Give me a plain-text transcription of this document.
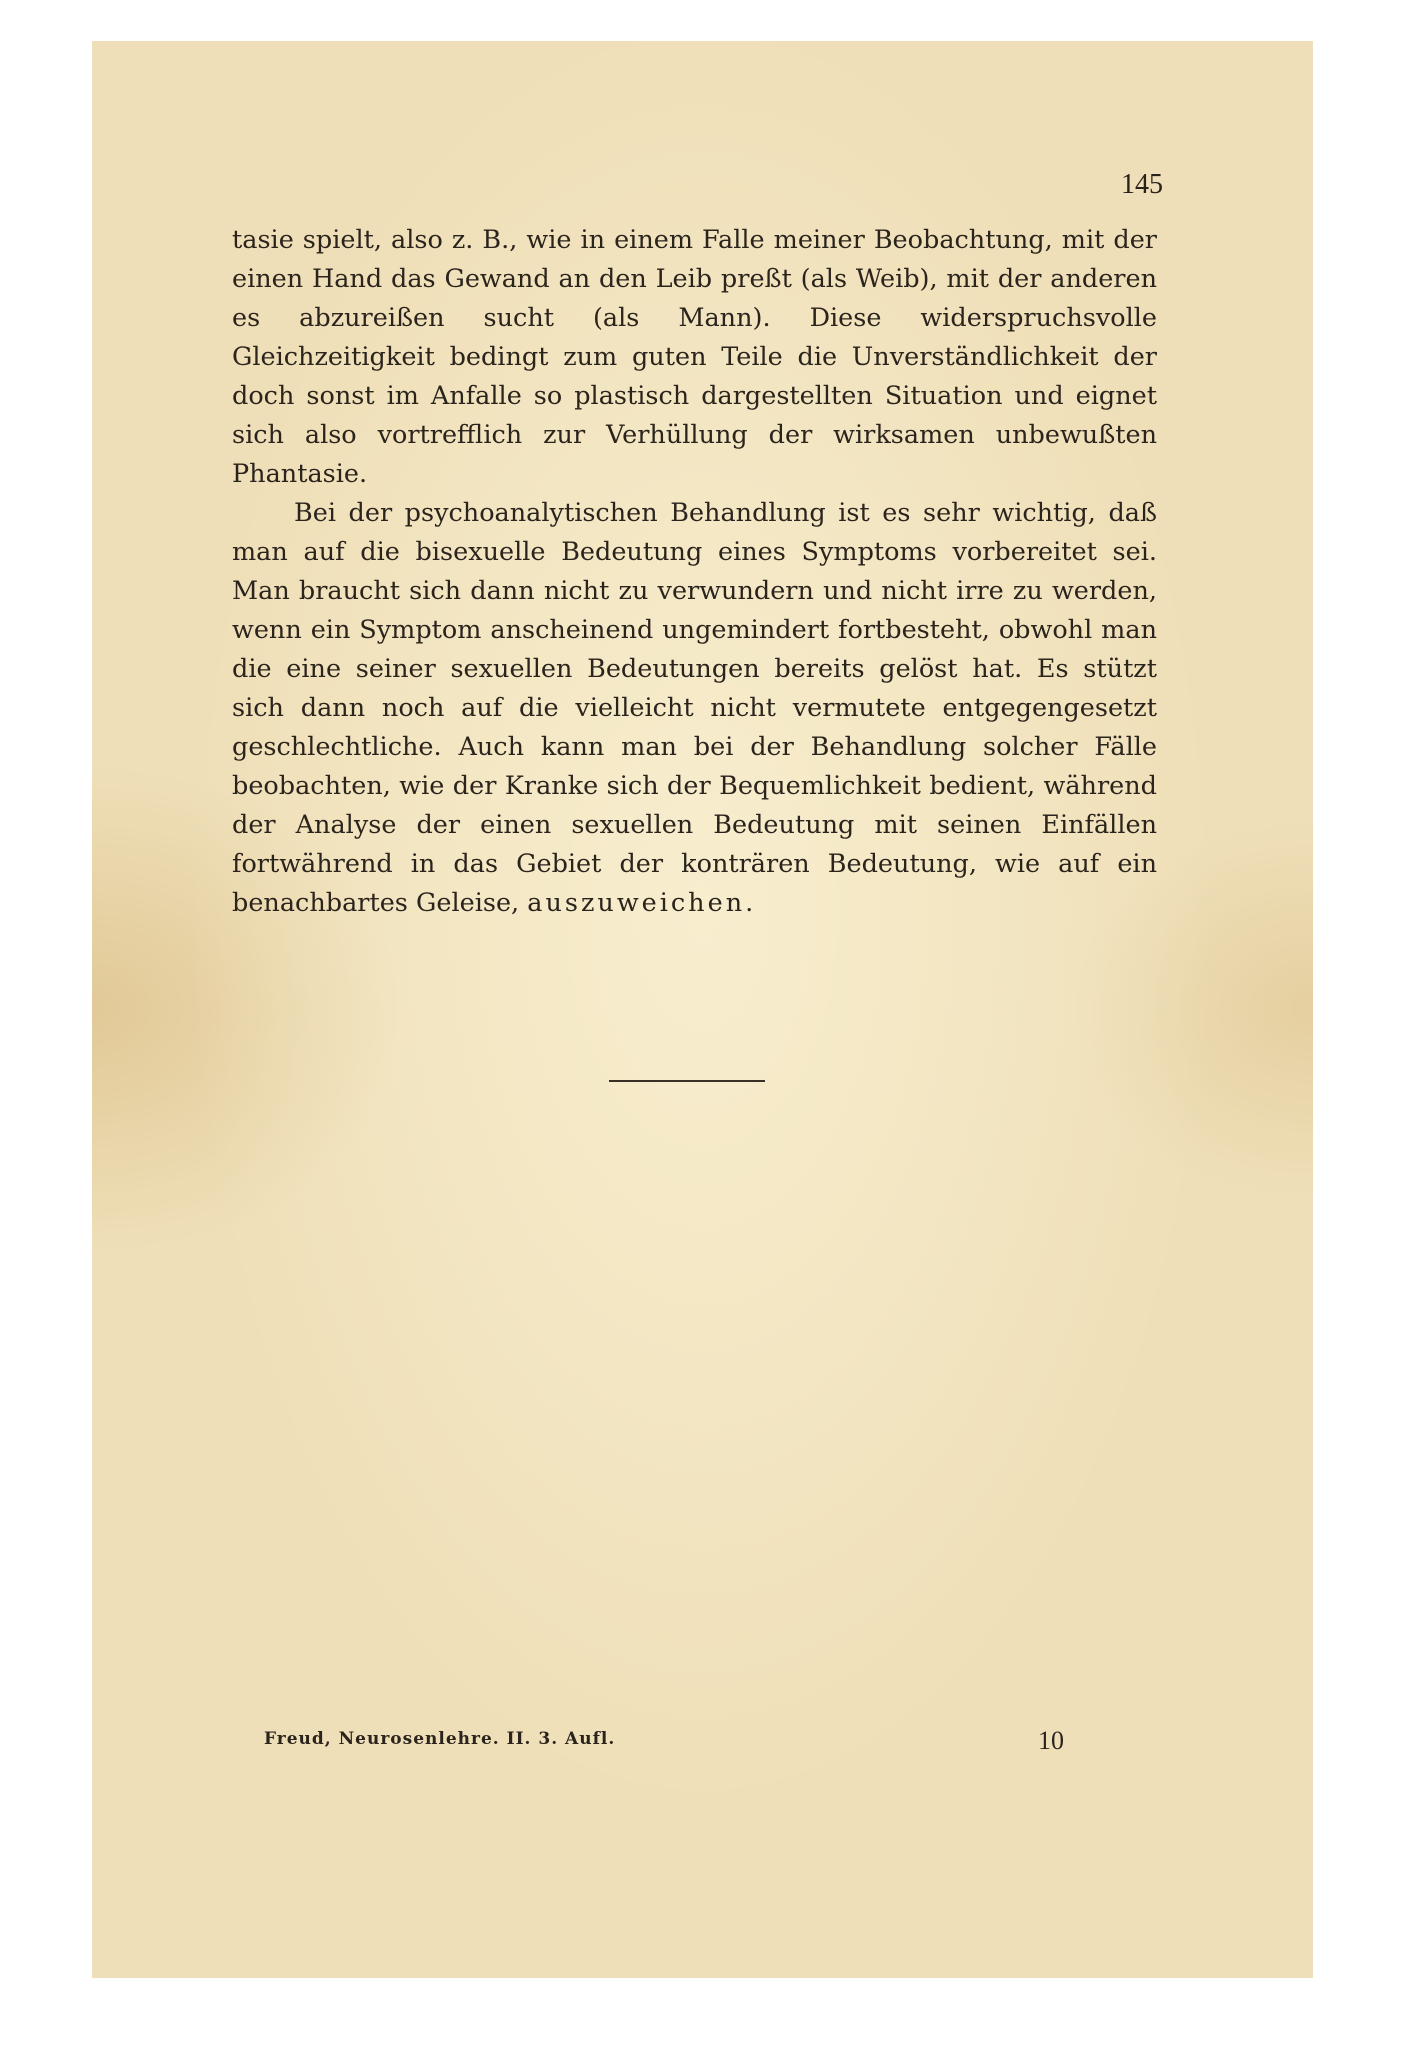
145

tasie spielt, also z. B., wie in einem Falle meiner Beobachtung, mit der einen Hand das Gewand an den Leib preßt (als Weib), mit der anderen es abzureißen sucht (als Mann). Diese widerspruchsvolle Gleichzeitigkeit bedingt zum guten Teile die Unverständlichkeit der doch sonst im Anfalle so plastisch dargestellten Situation und eignet sich also vortrefflich zur Verhüllung der wirksamen unbewußten Phantasie.

Bei der psychoanalytischen Behandlung ist es sehr wichtig, daß man auf die bisexuelle Bedeutung eines Symptoms vorbereitet sei. Man braucht sich dann nicht zu verwundern und nicht irre zu werden, wenn ein Symptom anscheinend ungemindert fortbesteht, obwohl man die eine seiner sexuellen Bedeutungen bereits gelöst hat. Es stützt sich dann noch auf die vielleicht nicht vermutete entgegengesetzt geschlechtliche. Auch kann man bei der Behandlung solcher Fälle beobachten, wie der Kranke sich der Bequemlichkeit bedient, während der Analyse der einen sexuellen Bedeutung mit seinen Einfällen fortwährend in das Gebiet der konträren Bedeutung, wie auf ein benachbartes Geleise, auszuweichen.

Freud, Neurosenlehre. II. 3. Aufl.	10
